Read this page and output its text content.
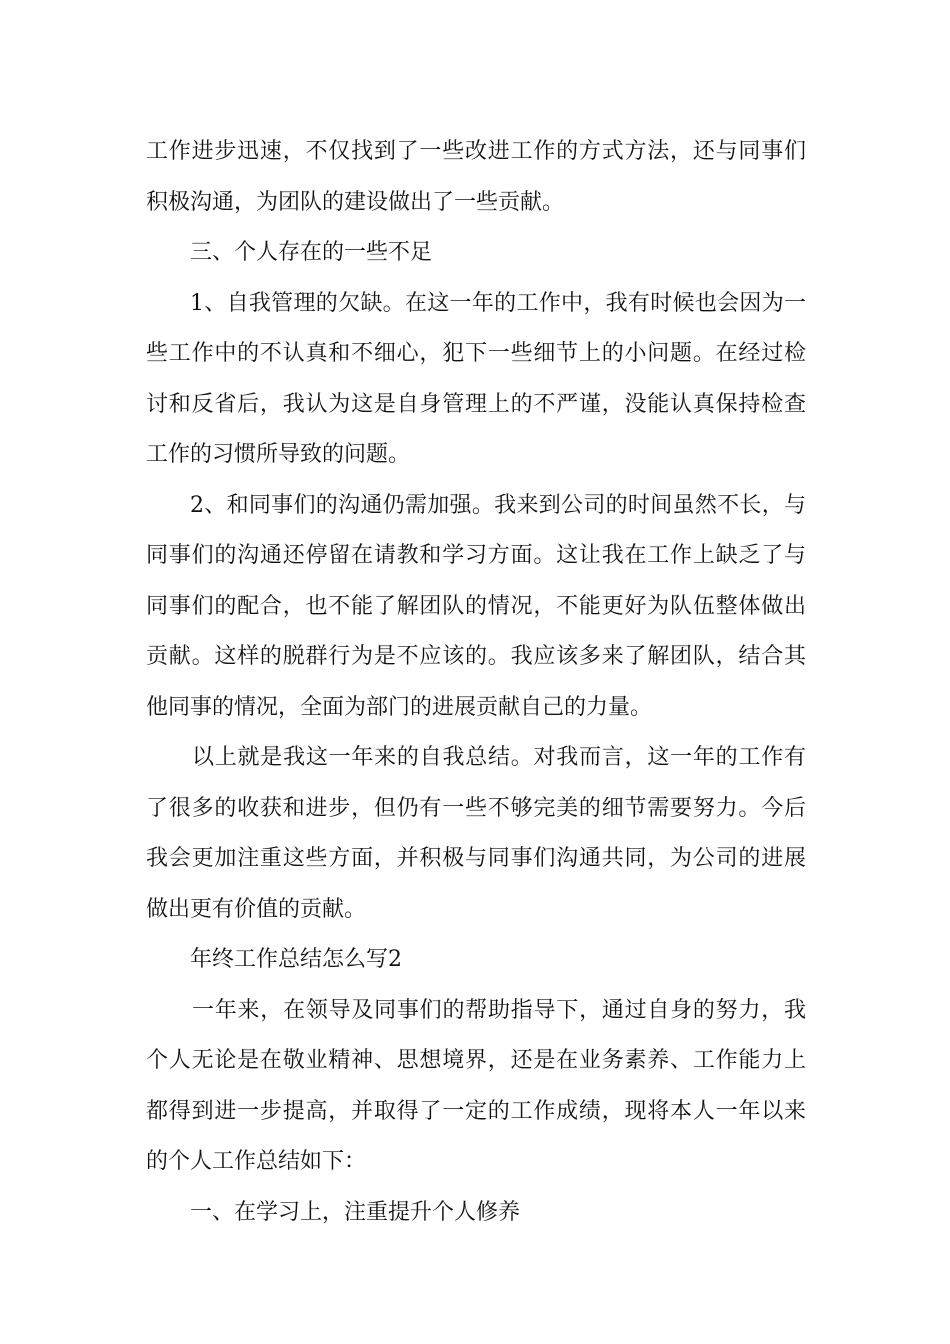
工作进步迅速，不仅找到了一些改进工作的方式方法，还与同事们
积极沟通，为团队的建设做出了一些贡献。
三、个人存在的一些不足
1、自我管理的欠缺。在这一年的工作中，我有时候也会因为一
些工作中的不认真和不细心，犯下一些细节上的小问题。在经过检
讨和反省后，我认为这是自身管理上的不严谨，没能认真保持检查
工作的习惯所导致的问题。
2、和同事们的沟通仍需加强。我来到公司的时间虽然不长，与
同事们的沟通还停留在请教和学习方面。这让我在工作上缺乏了与
同事们的配合，也不能了解团队的情况，不能更好为队伍整体做出
贡献。这样的脱群行为是不应该的。我应该多来了解团队，结合其
他同事的情况，全面为部门的进展贡献自己的力量。
以上就是我这一年来的自我总结。对我而言，这一年的工作有
了很多的收获和进步，但仍有一些不够完美的细节需要努力。今后
我会更加注重这些方面，并积极与同事们沟通共同，为公司的进展
做出更有价值的贡献。
年终工作总结怎么写2
一年来，在领导及同事们的帮助指导下，通过自身的努力，我
个人无论是在敬业精神、思想境界，还是在业务素养、工作能力上
都得到进一步提高，并取得了一定的工作成绩，现将本人一年以来
的个人工作总结如下：
一、在学习上，注重提升个人修养
